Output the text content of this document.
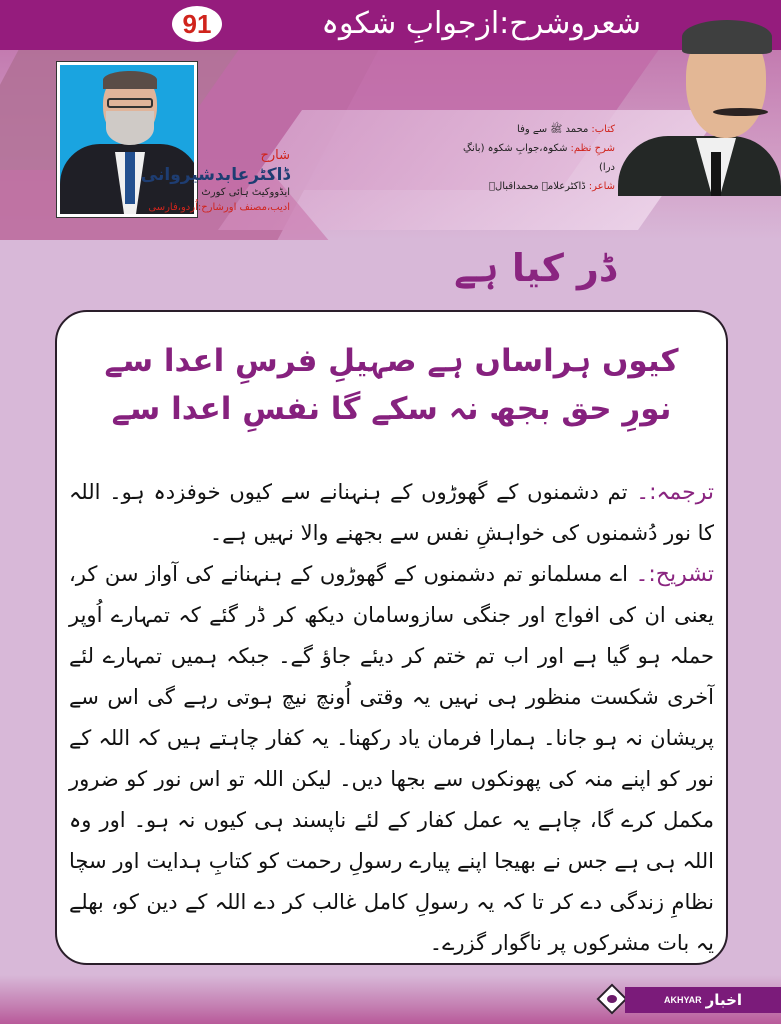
شعروشرح:ازجوابِ شکوہ
91
شارح
ڈاکٹرعابدشیروانی
ایڈووکیٹ ہائی کورٹ
ادیب،مصنف اورشارح:اُردو،فارسی
کتاب:محمد ﷺ سے وفا
شرحِ نظم:شکوہ،جوابِ شکوہ (بانگِ درا)
شاعر:ڈاکٹرعلامہ محمداقبالؒ
ڈر کیا ہے
کیوں ہراساں ہے صہیلِ فرسِ اعدا سے
نورِ حق بجھ نہ سکے گا نفسِ اعدا سے

ترجمہ:۔ تم دشمنوں کے گھوڑوں کے ہنہنانے سے کیوں خوفزدہ ہو۔ اللہ کا نور دُشمنوں کی خواہشِ نفس سے بجھنے والا نہیں ہے۔

تشریح:۔ اے مسلمانو تم دشمنوں کے گھوڑوں کے ہنہنانے کی آواز سن کر، یعنی ان کی افواج اور جنگی سازوسامان دیکھ کر ڈر گئے کہ تمہارے اُوپر حملہ ہو گیا ہے اور اب تم ختم کر دیئے جاؤ گے۔ جبکہ ہمیں تمہارے لئے آخری شکست منظور ہی نہیں یہ وقتی اُونچ نیچ ہوتی رہے گی اس سے پریشان نہ ہو جانا۔ ہمارا فرمان یاد رکھنا۔ یہ کفار چاہتے ہیں کہ اللہ کے نور کو اپنے منہ کی پھونکوں سے بجھا دیں۔ لیکن اللہ تو اس نور کو ضرور مکمل کرے گا، چاہے یہ عمل کفار کے لئے ناپسند ہی کیوں نہ ہو۔ اور وہ اللہ ہی ہے جس نے بھیجا اپنے پیارے رسولِ رحمت کو کتابِ ہدایت اور سچا نظامِ زندگی دے کر تا کہ یہ رسولِ کامل غالب کر دے اللہ کے دین کو، بھلے یہ بات مشرکوں پر ناگوار گزرے۔

AKHYAR اخبار
